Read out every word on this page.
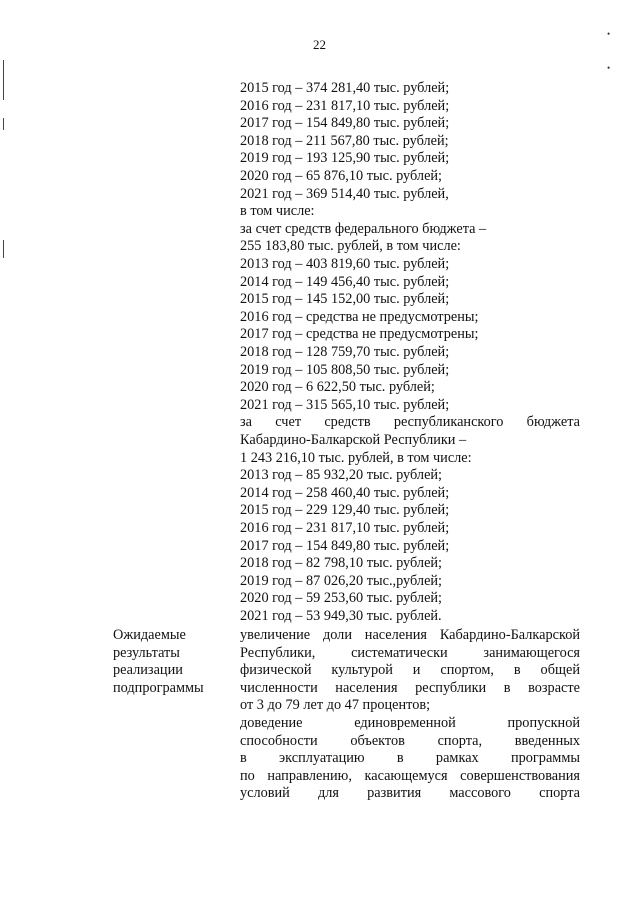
22
•
•
2015 год – 374 281,40 тыс. рублей;
2016 год – 231 817,10 тыс. рублей;
2017 год – 154 849,80 тыс. рублей;
2018 год – 211 567,80 тыс. рублей;
2019 год – 193 125,90 тыс. рублей;
2020 год – 65 876,10 тыс. рублей;
2021 год – 369 514,40 тыс. рублей,
в том числе:
за счет средств федерального бюджета –
255 183,80 тыс. рублей, в том числе:
2013 год – 403 819,60 тыс. рублей;
2014 год – 149 456,40 тыс. рублей;
2015 год – 145 152,00 тыс. рублей;
2016 год – средства не предусмотрены;
2017 год – средства не предусмотрены;
2018 год – 128 759,70 тыс. рублей;
2019 год – 105 808,50 тыс. рублей;
2020 год – 6 622,50 тыс. рублей;
2021 год – 315 565,10 тыс. рублей;
за счет средств республиканского бюджета
Кабардино-Балкарской Республики –
1 243 216,10 тыс. рублей, в том числе:
2013 год – 85 932,20 тыс. рублей;
2014 год – 258 460,40 тыс. рублей;
2015 год – 229 129,40 тыс. рублей;
2016 год – 231 817,10 тыс. рублей;
2017 год – 154 849,80 тыс. рублей;
2018 год – 82 798,10 тыс. рублей;
2019 год – 87 026,20 тыс.,рублей;
2020 год – 59 253,60 тыс. рублей;
2021 год – 53 949,30 тыс. рублей.
Ожидаемые
результаты
реализации
подпрограммы
увеличение доли населения Кабардино-Балкарской
Республики, систематически занимающегося
физической культурой и спортом, в общей
численности населения республики в возрасте
от 3 до 79 лет до 47 процентов;
доведение единовременной пропускной
способности объектов спорта, введенных
в эксплуатацию в рамках программы
по направлению, касающемуся совершенствования
условий для развития массового спорта
